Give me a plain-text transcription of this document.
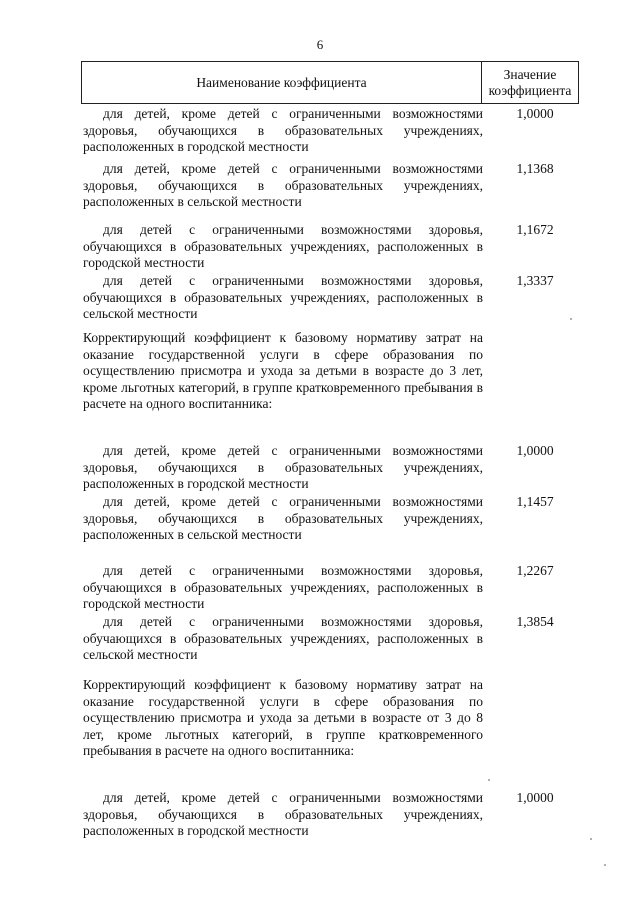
6
Наименование коэффициента
Значение
коэффициента
для детей, кроме детей с ограниченными возможностями здоровья, обучающихся в образовательных учреждениях, расположенных в городской местности
1,0000
для детей, кроме детей с ограниченными возможностями здоровья, обучающихся в образовательных учреждениях, расположенных в сельской местности
1,1368
для детей с ограниченными возможностями здоровья, обучающихся в образовательных учреждениях, расположенных в городской местности
1,1672
для детей с ограниченными возможностями здоровья, обучающихся в образовательных учреждениях, расположенных в сельской местности
1,3337
Корректирующий коэффициент к базовому нормативу затрат на оказание государственной услуги в сфере образования по осуществлению присмотра и ухода за детьми в возрасте до 3 лет, кроме льготных категорий, в группе кратковременного пребывания в расчете на одного воспитанника:
для детей, кроме детей с ограниченными возможностями здоровья, обучающихся в образовательных учреждениях, расположенных в городской местности
1,0000
для детей, кроме детей с ограниченными возможностями здоровья, обучающихся в образовательных учреждениях, расположенных в сельской местности
1,1457
для детей с ограниченными возможностями здоровья, обучающихся в образовательных учреждениях, расположенных в городской местности
1,2267
для детей с ограниченными возможностями здоровья, обучающихся в образовательных учреждениях, расположенных в сельской местности
1,3854
Корректирующий коэффициент к базовому нормативу затрат на оказание государственной услуги в сфере образования по осуществлению присмотра и ухода за детьми в возрасте от 3 до 8 лет, кроме льготных категорий, в группе кратковременного пребывания в расчете на одного воспитанника:
для детей, кроме детей с ограниченными возможностями здоровья, обучающихся в образовательных учреждениях, расположенных в городской местности
1,0000
